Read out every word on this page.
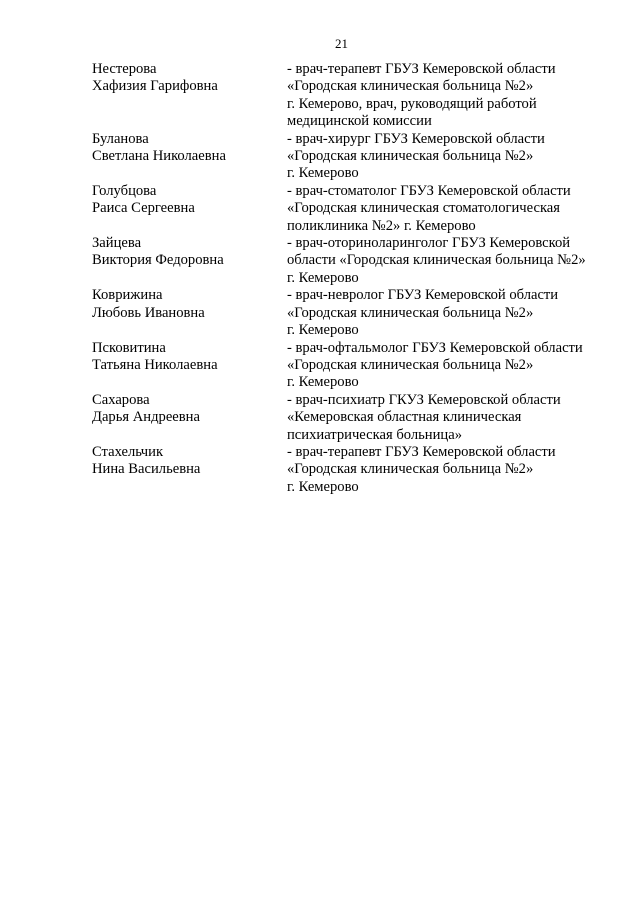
21
Нестерова
Хафизия Гарифовна
- врач-терапевт ГБУЗ Кемеровской области
«Городская клиническая больница №2»
г. Кемерово, врач, руководящий работой
медицинской комиссии
Буланова
Светлана Николаевна
- врач-хирург ГБУЗ Кемеровской области
«Городская клиническая больница №2»
г. Кемерово
Голубцова
Раиса Сергеевна
- врач-стоматолог ГБУЗ Кемеровской области
«Городская клиническая стоматологическая
поликлиника №2» г. Кемерово
Зайцева
Виктория Федоровна
- врач-оториноларинголог ГБУЗ Кемеровской
области «Городская клиническая больница №2»
г. Кемерово
Коврижина
Любовь Ивановна
- врач-невролог ГБУЗ Кемеровской области
«Городская клиническая больница №2»
г. Кемерово
Псковитина
Татьяна Николаевна
- врач-офтальмолог ГБУЗ Кемеровской области
«Городская клиническая больница №2»
г. Кемерово
Сахарова
Дарья Андреевна
- врач-психиатр ГКУЗ Кемеровской области
«Кемеровская областная клиническая
психиатрическая больница»
Стахельчик
Нина Васильевна
- врач-терапевт ГБУЗ Кемеровской области
«Городская клиническая больница №2»
г. Кемерово
